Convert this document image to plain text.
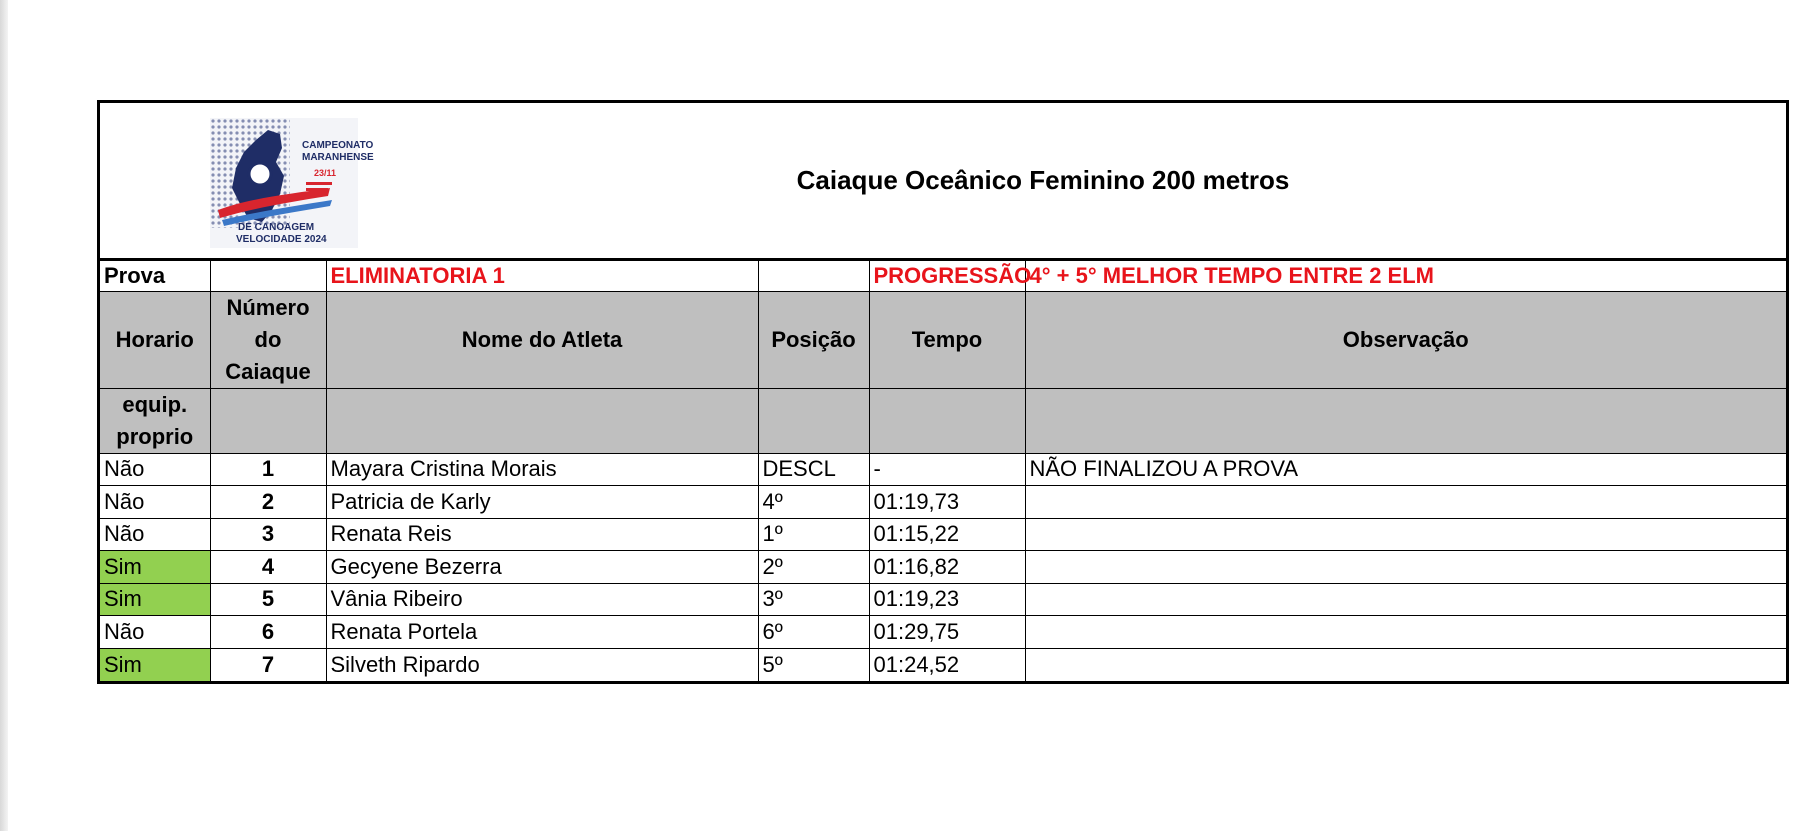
CAMPEONATO
MARANHENSE
23/11
DE CANOAGEM
VELOCIDADE 2024
Caiaque Oceânico Feminino 200 metros
Prova		ELIMINATORIA 1		PROGRESSÃO	4° + 5° MELHOR TEMPO ENTRE 2 ELM
Horario	Número do Caiaque	Nome do Atleta	Posição	Tempo	Observação
equip. proprio					
Não	1	Mayara Cristina Morais	DESCL	-	NÃO FINALIZOU A PROVA
Não	2	Patricia de Karly	4º	01:19,73	
Não	3	Renata Reis	1º	01:15,22	
Sim	4	Gecyene Bezerra	2º	01:16,82	
Sim	5	Vânia Ribeiro	3º	01:19,23	
Não	6	Renata Portela	6º	01:29,75	
Sim	7	Silveth Ripardo	5º	01:24,52	
